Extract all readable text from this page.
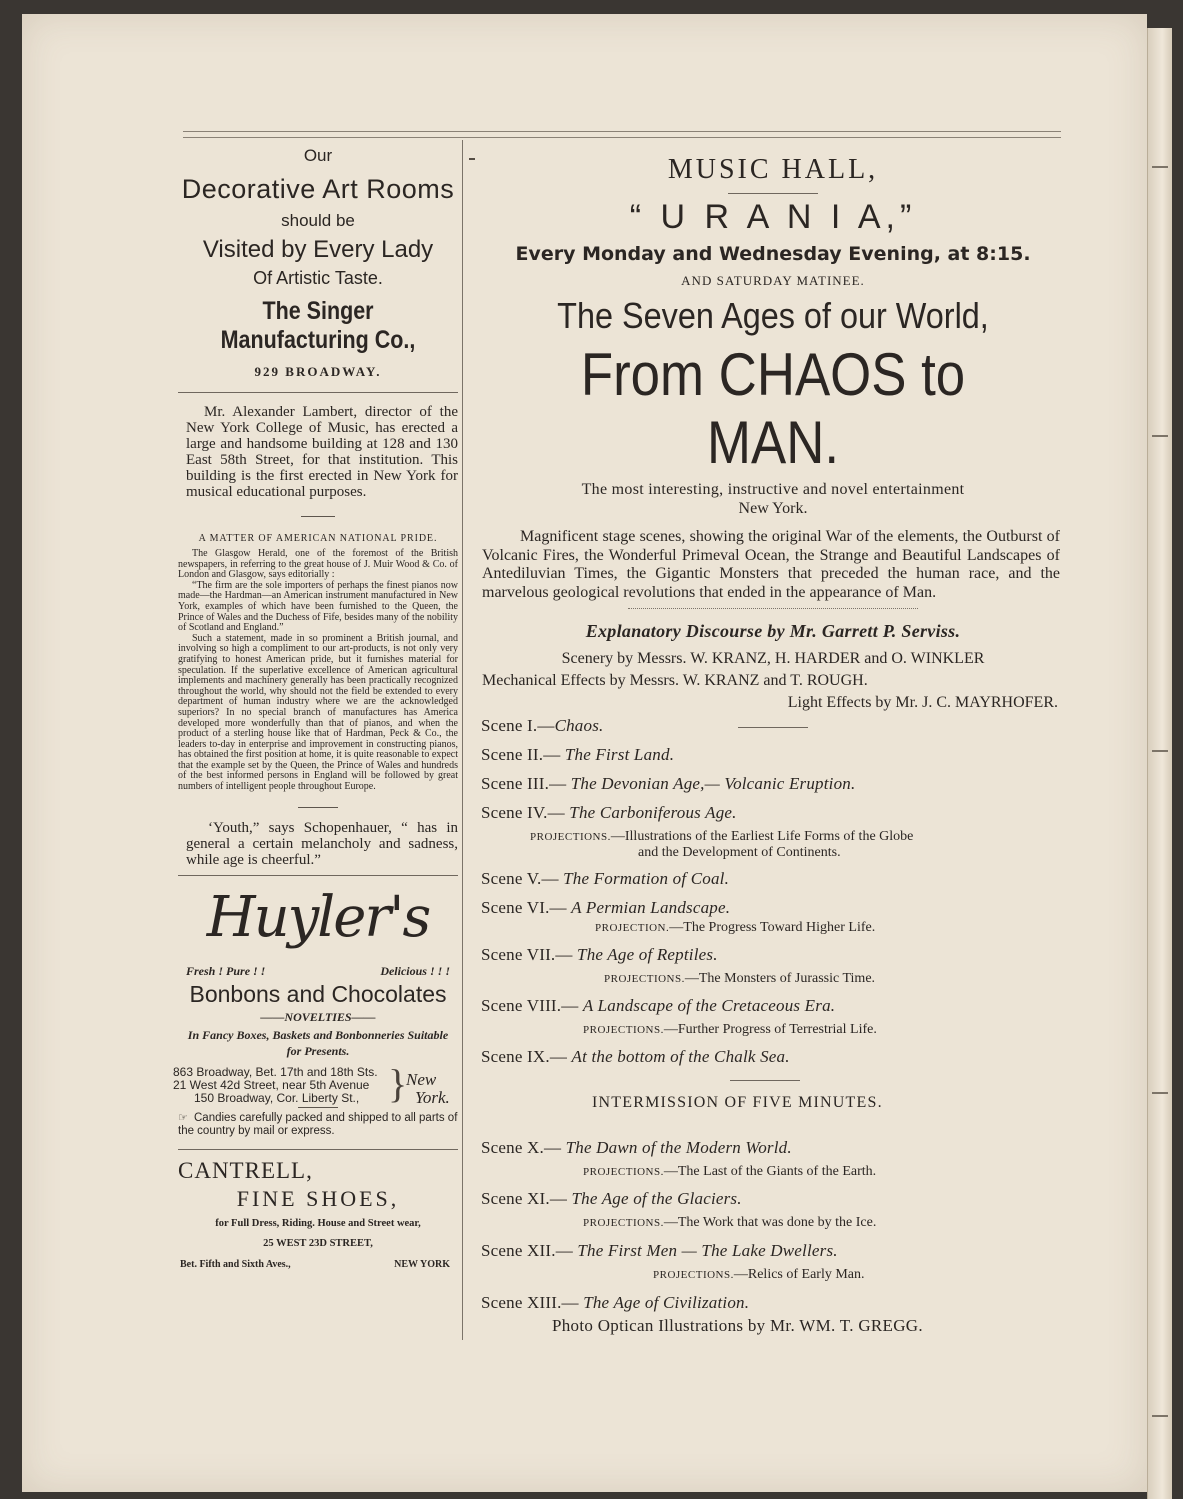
Our
Decorative Art Rooms
should be
Visited by Every Lady
Of Artistic Taste.
The Singer Manufacturing Co.,
929 BROADWAY.
Mr. Alexander Lambert, director of the New York College of Music, has erected a large and handsome building at 128 and 130 East 58th Street, for that institution. This building is the first erected in New York for musical educational purposes.
A MATTER OF AMERICAN NATIONAL PRIDE.

The Glasgow Herald, one of the foremost of the British newspapers, in referring to the great house of J. Muir Wood & Co. of London and Glasgow, says editorially :

“The firm are the sole importers of perhaps the finest pianos now made—the Hardman—an American instrument manufactured in New York, examples of which have been furnished to the Queen, the Prince of Wales and the Duchess of Fife, besides many of the nobility of Scotland and England.”

Such a statement, made in so prominent a British journal, and involving so high a compliment to our art-products, is not only very gratifying to honest American pride, but it furnishes material for speculation. If the superlative excellence of American agricultural implements and machinery generally has been practically recognized throughout the world, why should not the field be extended to every department of human industry where we are the acknowledged superiors? In no special branch of manufactures has America developed more wonderfully than that of pianos, and when the product of a sterling house like that of Hardman, Peck & Co., the leaders to-day in enterprise and improvement in constructing pianos, has obtained the first position at home, it is quite reasonable to expect that the example set by the Queen, the Prince of Wales and hundreds of the best informed persons in England will be followed by great numbers of intelligent people throughout Europe.

‘Youth,” says Schopenhauer, “ has in general a certain melancholy and sadness, while age is cheerful.”
Huyler's
Fresh ! Pure ! !	Delicious ! ! !
Bonbons and Chocolates
——NOVELTIES——
In Fancy Boxes, Baskets and Bonbonneries Suitable for Presents.
863 Broadway, Bet. 17th and 18th Sts.
21 West 42d Street, near 5th Avenue
150 Broadway, Cor. Liberty St., }
New
York.
☞ Candies carefully packed and shipped to all parts of the country by mail or express.
CANTRELL,
FINE SHOES,
for Full Dress, Riding. House and Street wear,
25 WEST 23D STREET,
Bet. Fifth and Sixth Aves.,	NEW YORK
MUSIC HALL,
“ U R A N I A,”
Every Monday and Wednesday Evening, at 8:15.
AND SATURDAY MATINEE.
The Seven Ages of our World,
From CHAOS to MAN.
The most interesting, instructive and novel entertainment
New York.
Magnificent stage scenes, showing the original War of the elements, the Outburst of Volcanic Fires, the Wonderful Primeval Ocean, the Strange and Beautiful Landscapes of Antediluvian Times, the Gigantic Monsters that preceded the human race, and the marvelous geological revolutions that ended in the appearance of Man.
Explanatory Discourse by Mr. Garrett P. Serviss.
Scenery by Messrs. W. KRANZ, H. HARDER and O. WINKLER
Mechanical Effects by Messrs. W. KRANZ and T. ROUGH.
Light Effects by Mr. J. C. MAYRHOFER.
Scene I.—Chaos.
Scene II.— The First Land.
Scene III.— The Devonian Age,— Volcanic Eruption.
Scene IV.— The Carboniferous Age.
PROJECTIONS.—Illustrations of the Earliest Life Forms of the Globe
and the Development of Continents.
Scene V.— The Formation of Coal.
Scene VI.— A Permian Landscape.
PROJECTION.—The Progress Toward Higher Life.
Scene VII.— The Age of Reptiles.
PROJECTIONS.—The Monsters of Jurassic Time.
Scene VIII.— A Landscape of the Cretaceous Era.
PROJECTIONS.—Further Progress of Terrestrial Life.
Scene IX.— At the bottom of the Chalk Sea.
INTERMISSION OF FIVE MINUTES.
Scene X.— The Dawn of the Modern World.
PROJECTIONS.—The Last of the Giants of the Earth.
Scene XI.— The Age of the Glaciers.
PROJECTIONS.—The Work that was done by the Ice.
Scene XII.— The First Men — The Lake Dwellers.
PROJECTIONS.—Relics of Early Man.
Scene XIII.— The Age of Civilization.
Photo Optican Illustrations by Mr. WM. T. GREGG.
